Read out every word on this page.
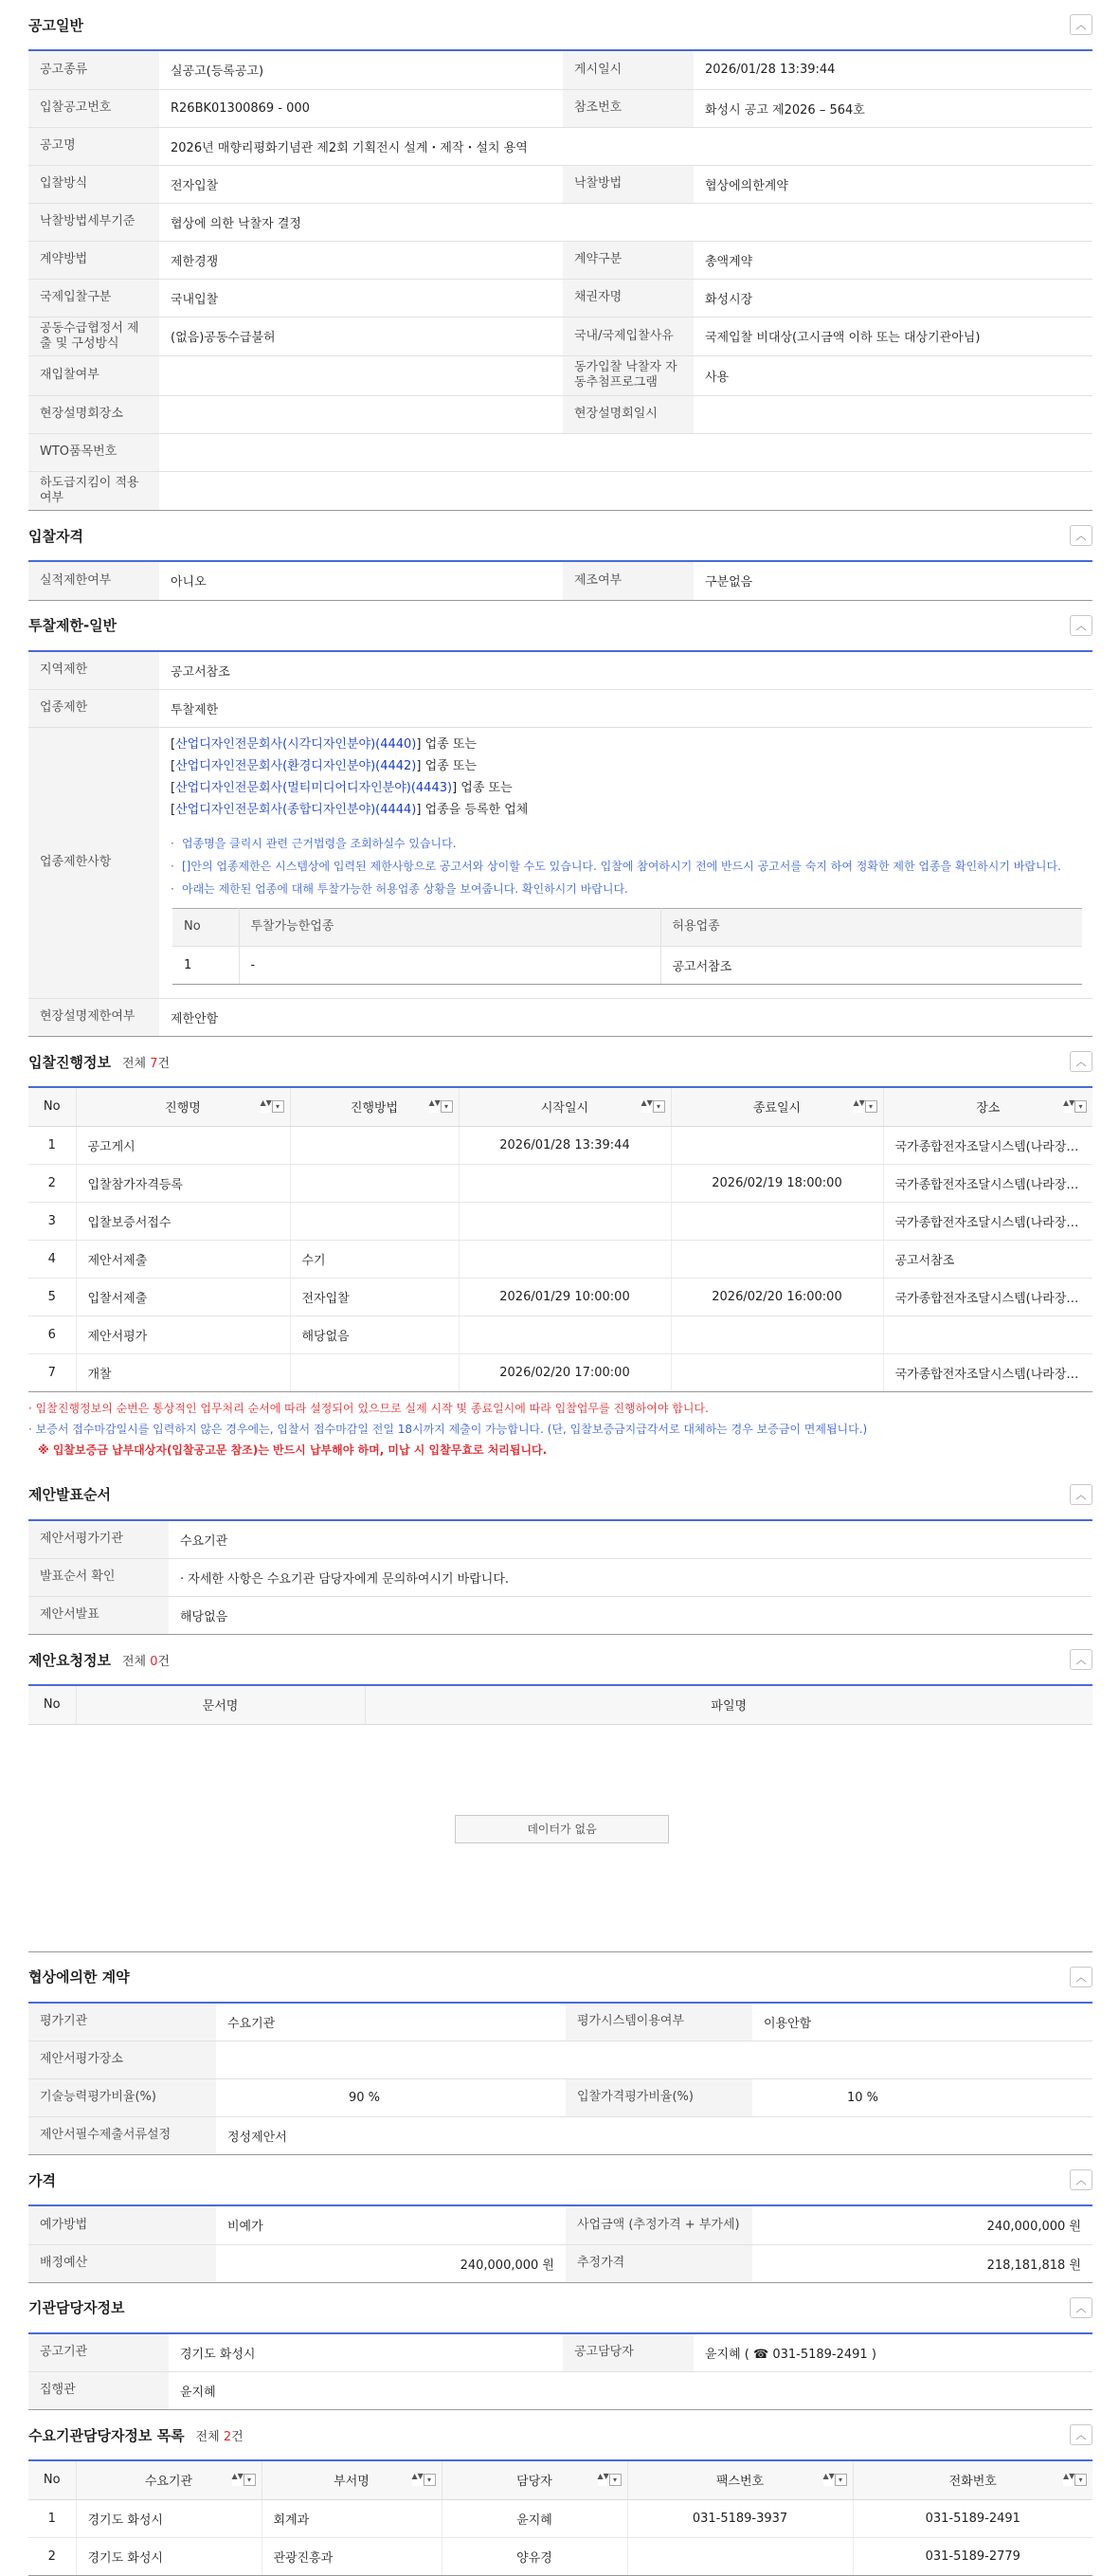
공고일반	︿
공고종류	실공고(등록공고)	게시일시	2026/01/28 13:39:44
입찰공고번호	R26BK01300869 - 000	참조번호	화성시 공고 제2026 – 564호
공고명	2026년 매향리평화기념관 제2회 기획전시 설계・제작・설치 용역		
입찰방식	전자입찰	낙찰방법	협상에의한계약
낙찰방법세부기준	협상에 의한 낙찰자 결정		
계약방법	제한경쟁	계약구분	총액계약
국제입찰구분	국내입찰	채권자명	화성시장
공동수급협정서 제출 및 구성방식	(없음)공동수급불허	국내/국제입찰사유	국제입찰 비대상(고시금액 이하 또는 대상기관아님)
재입찰여부		동가입찰 낙찰자 자동추첨프로그램	사용
현장설명회장소		현장설명회일시	
WTO품목번호			
하도급지킴이 적용여부			
입찰자격	︿
실적제한여부	아니오	제조여부	구분없음
투찰제한-일반	︿
지역제한	공고서참조
업종제한	투찰제한
업종제한사항	
[산업디자인전문회사(시각디자인분야)(4440)] 업종 또는
[산업디자인전문회사(환경디자인분야)(4442)] 업종 또는
[산업디자인전문회사(멀티미디어디자인분야)(4443)] 업종 또는
[산업디자인전문회사(종합디자인분야)(4444)] 업종을 등록한 업체
· 업종명을 클릭시 관련 근거법령을 조회하실수 있습니다.
· []안의 업종제한은 시스템상에 입력된 제한사항으로 공고서와 상이할 수도 있습니다. 입찰에 참여하시기 전에 반드시 공고서를 숙지 하여 정확한 제한 업종을 확인하시기 바랍니다.
· 아래는 제한된 업종에 대해 투찰가능한 허용업종 상황을 보여줍니다. 확인하시기 바랍니다.
No	투찰가능한업종	허용업종
1	-	공고서참조

현장설명제한여부	제한안함
입찰진행정보 전체 7건	︿
No	진행명 ▲▼ ▾	진행방법 ▲▼ ▾	시작일시 ▲▼ ▾	종료일시 ▲▼ ▾	장소 ▲▼ ▾

1	공고게시		2026/01/28 13:39:44		국가종합전자조달시스템(나라장…
2	입찰참가자격등록			2026/02/19 18:00:00	국가종합전자조달시스템(나라장…
3	입찰보증서접수				국가종합전자조달시스템(나라장…
4	제안서제출	수기			공고서참조
5	입찰서제출	전자입찰	2026/01/29 10:00:00	2026/02/20 16:00:00	국가종합전자조달시스템(나라장…
6	제안서평가	해당없음			
7	개찰		2026/02/20 17:00:00		국가종합전자조달시스템(나라장…
· 입찰진행정보의 순번은 통상적인 업무처리 순서에 따라 설정되어 있으므로 실제 시작 및 종료일시에 따라 입찰업무를 진행하여야 합니다.
· 보증서 접수마감일시를 입력하지 않은 경우에는, 입찰서 접수마감일 전일 18시까지 제출이 가능합니다. (단, 입찰보증금지급각서로 대체하는 경우 보증금이 면제됩니다.)
※ 입찰보증금 납부대상자(입찰공고문 참조)는 반드시 납부해야 하며, 미납 시 입찰무효로 처리됩니다.
제안발표순서	︿
제안서평가기관	수요기관
발표순서 확인	· 자세한 사항은 수요기관 담당자에게 문의하여시기 바랍니다.
제안서발표	해당없음
제안요청정보 전체 0건	︿
No	문서명	파일명
데이터가 없음
협상에의한 계약	︿
평가기관	수요기관	평가시스템이용여부	이용안함
제안서평가장소			
기술능력평가비율(%)	90 %	입찰가격평가비율(%)	10 %
제안서필수제출서류설정	정성제안서		
가격	︿
예가방법	비예가	사업금액 (추정가격 + 부가세)	240,000,000 원
배정예산	240,000,000 원	추정가격	218,181,818 원
기관담당자정보	︿
공고기관	경기도 화성시	공고담당자	윤지혜 ( ☎ 031-5189-2491 )
집행관	윤지혜		
수요기관담당자정보 목록 전체 2건	︿
No	수요기관 ▲▼ ▾	부서명 ▲▼ ▾	담당자 ▲▼ ▾	팩스번호 ▲▼ ▾	전화번호 ▲▼ ▾

1	경기도 화성시	회계과	윤지혜	031-5189-3937	031-5189-2491
2	경기도 화성시	관광진흥과	양유경		031-5189-2779
